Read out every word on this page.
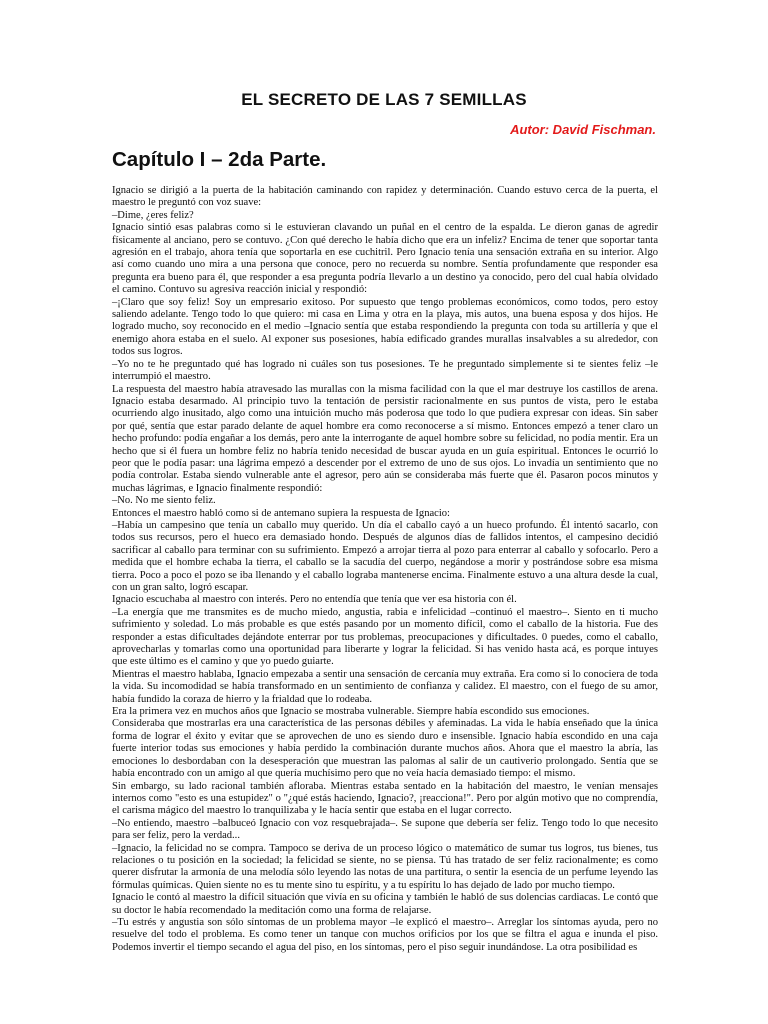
EL SECRETO DE LAS 7 SEMILLAS
Autor: David Fischman.
Capítulo I – 2da Parte.

Ignacio se dirigió a la puerta de la habitación caminando con rapidez y determinación. Cuando estuvo cerca de la puerta, el maestro le preguntó con voz suave:

–Dime, ¿eres feliz?

Ignacio sintió esas palabras como si le estuvieran clavando un puñal en el centro de la espalda. Le dieron ganas de agredir físicamente al anciano, pero se contuvo. ¿Con qué derecho le había dicho que era un infeliz? Encima de tener que soportar tanta agresión en el trabajo, ahora tenía que soportarla en ese cuchitril. Pero Ignacio tenía una sensación extraña en su interior. Algo así como cuando uno mira a una persona que conoce, pero no recuerda su nombre. Sentía profundamente que responder esa pregunta era bueno para él, que responder a esa pregunta podría llevarlo a un destino ya conocido, pero del cual había olvidado el camino. Contuvo su agresiva reacción inicial y respondió:

–¡Claro que soy feliz! Soy un empresario exitoso. Por supuesto que tengo problemas económicos, como todos, pero estoy saliendo adelante. Tengo todo lo que quiero: mi casa en Lima y otra en la playa, mis autos, una buena esposa y dos hijos. He logrado mucho, soy reconocido en el medio –Ignacio sentía que estaba respondiendo la pregunta con toda su artillería y que el enemigo ahora estaba en el suelo. Al exponer sus posesiones, había edificado grandes murallas insalvables a su alrededor, con todos sus logros.

–Yo no te he preguntado qué has logrado ni cuáles son tus posesiones. Te he preguntado simplemente si te sientes feliz –le interrumpió el maestro.

La respuesta del maestro había atravesado las murallas con la misma facilidad con la que el mar destruye los castillos de arena. Ignacio estaba desarmado. Al principio tuvo la tentación de persistir racionalmente en sus puntos de vista, pero le estaba ocurriendo algo inusitado, algo como una intuición mucho más poderosa que todo lo que pudiera expresar con ideas. Sin saber por qué, sentía que estar parado delante de aquel hombre era como reconocerse a sí mismo. Entonces empezó a tener claro un hecho profundo: podía engañar a los demás, pero ante la interrogante de aquel hombre sobre su felicidad, no podía mentir. Era un hecho que si él fuera un hombre feliz no habría tenido necesidad de buscar ayuda en un guía espiritual. Entonces le ocurrió lo peor que le podía pasar: una lágrima empezó a descender por el extremo de uno de sus ojos. Lo invadía un sentimiento que no podía controlar. Estaba siendo vulnerable ante el agresor, pero aún se consideraba más fuerte que él. Pasaron pocos minutos y muchas lágrimas, e Ignacio finalmente respondió:

–No. No me siento feliz.

Entonces el maestro habló como si de antemano supiera la respuesta de Ignacio:

–Había un campesino que tenía un caballo muy querido. Un día el caballo cayó a un hueco profundo. Él intentó sacarlo, con todos sus recursos, pero el hueco era demasiado hondo. Después de algunos días de fallidos intentos, el campesino decidió sacrificar al caballo para terminar con su sufrimiento. Empezó a arrojar tierra al pozo para enterrar al caballo y sofocarlo. Pero a medida que el hombre echaba la tierra, el caballo se la sacudía del cuerpo, negándose a morir y postrándose sobre esa misma tierra. Poco a poco el pozo se iba llenando y el caballo lograba mantenerse encima. Finalmente estuvo a una altura desde la cual, con un gran salto, logró escapar.

Ignacio escuchaba al maestro con interés. Pero no entendía que tenía que ver esa historia con él.

–La energía que me transmites es de mucho miedo, angustia, rabia e infelicidad –continuó el maestro–. Siento en ti mucho sufrimiento y soledad. Lo más probable es que estés pasando por un momento difícil, como el caballo de la historia. Fue des responder a estas dificultades dejándote enterrar por tus problemas, preocupaciones y dificultades. 0 puedes, como el caballo, aprovecharlas y tomarlas como una oportunidad para liberarte y lograr la felicidad. Si has venido hasta acá, es porque intuyes que este último es el camino y que yo puedo guiarte.

Mientras el maestro hablaba, Ignacio empezaba a sentir una sensación de cercanía muy extraña. Era como si lo conociera de toda la vida. Su incomodidad se había transformado en un sentimiento de confianza y calidez. El maestro, con el fuego de su amor, había fundido la coraza de hierro y la frialdad que lo rodeaba.

Era la primera vez en muchos años que Ignacio se mostraba vulnerable. Siempre había escondido sus emociones.

Consideraba que mostrarlas era una característica de las personas débiles y afeminadas. La vida le había enseñado que la única forma de lograr el éxito y evitar que se aprovechen de uno es siendo duro e insensible. Ignacio había escondido en una caja fuerte interior todas sus emociones y había perdido la combinación durante muchos años. Ahora que el maestro la abría, las emociones lo desbordaban con la desesperación que muestran las palomas al salir de un cautiverio prolongado. Sentía que se había encontrado con un amigo al que quería muchísimo pero que no veía hacía demasiado tiempo: el mismo.

Sin embargo, su lado racional también afloraba. Mientras estaba sentado en la habitación del maestro, le venían mensajes internos como "esto es una estupidez" o "¿qué estás haciendo, Ignacio?, ¡reacciona!". Pero por algún motivo que no comprendía, el carisma mágico del maestro lo tranquilizaba y le hacía sentir que estaba en el lugar correcto.

–No entiendo, maestro –balbuceó Ignacio con voz resquebrajada–. Se supone que debería ser feliz. Tengo todo lo que necesito para ser feliz, pero la verdad...

–Ignacio, la felicidad no se compra. Tampoco se deriva de un proceso lógico o matemático de sumar tus logros, tus bienes, tus relaciones o tu posición en la sociedad; la felicidad se siente, no se piensa. Tú has tratado de ser feliz racionalmente; es como querer disfrutar la armonía de una melodía sólo leyendo las notas de una partitura, o sentir la esencia de un perfume leyendo las fórmulas químicas. Quien siente no es tu mente sino tu espíritu, y a tu espíritu lo has dejado de lado por mucho tiempo.

Ignacio le contó al maestro la difícil situación que vivía en su oficina y también le habló de sus dolencias cardiacas. Le contó que su doctor le había recomendado la meditación como una forma de relajarse.

–Tu estrés y angustia son sólo síntomas de un problema mayor –le explicó el maestro–. Arreglar los síntomas ayuda, pero no resuelve del todo el problema. Es como tener un tanque con muchos orificios por los que se filtra el agua e inunda el piso. Podemos invertir el tiempo secando el agua del piso, en los síntomas, pero el piso seguir inundándose. La otra posibilidad es
